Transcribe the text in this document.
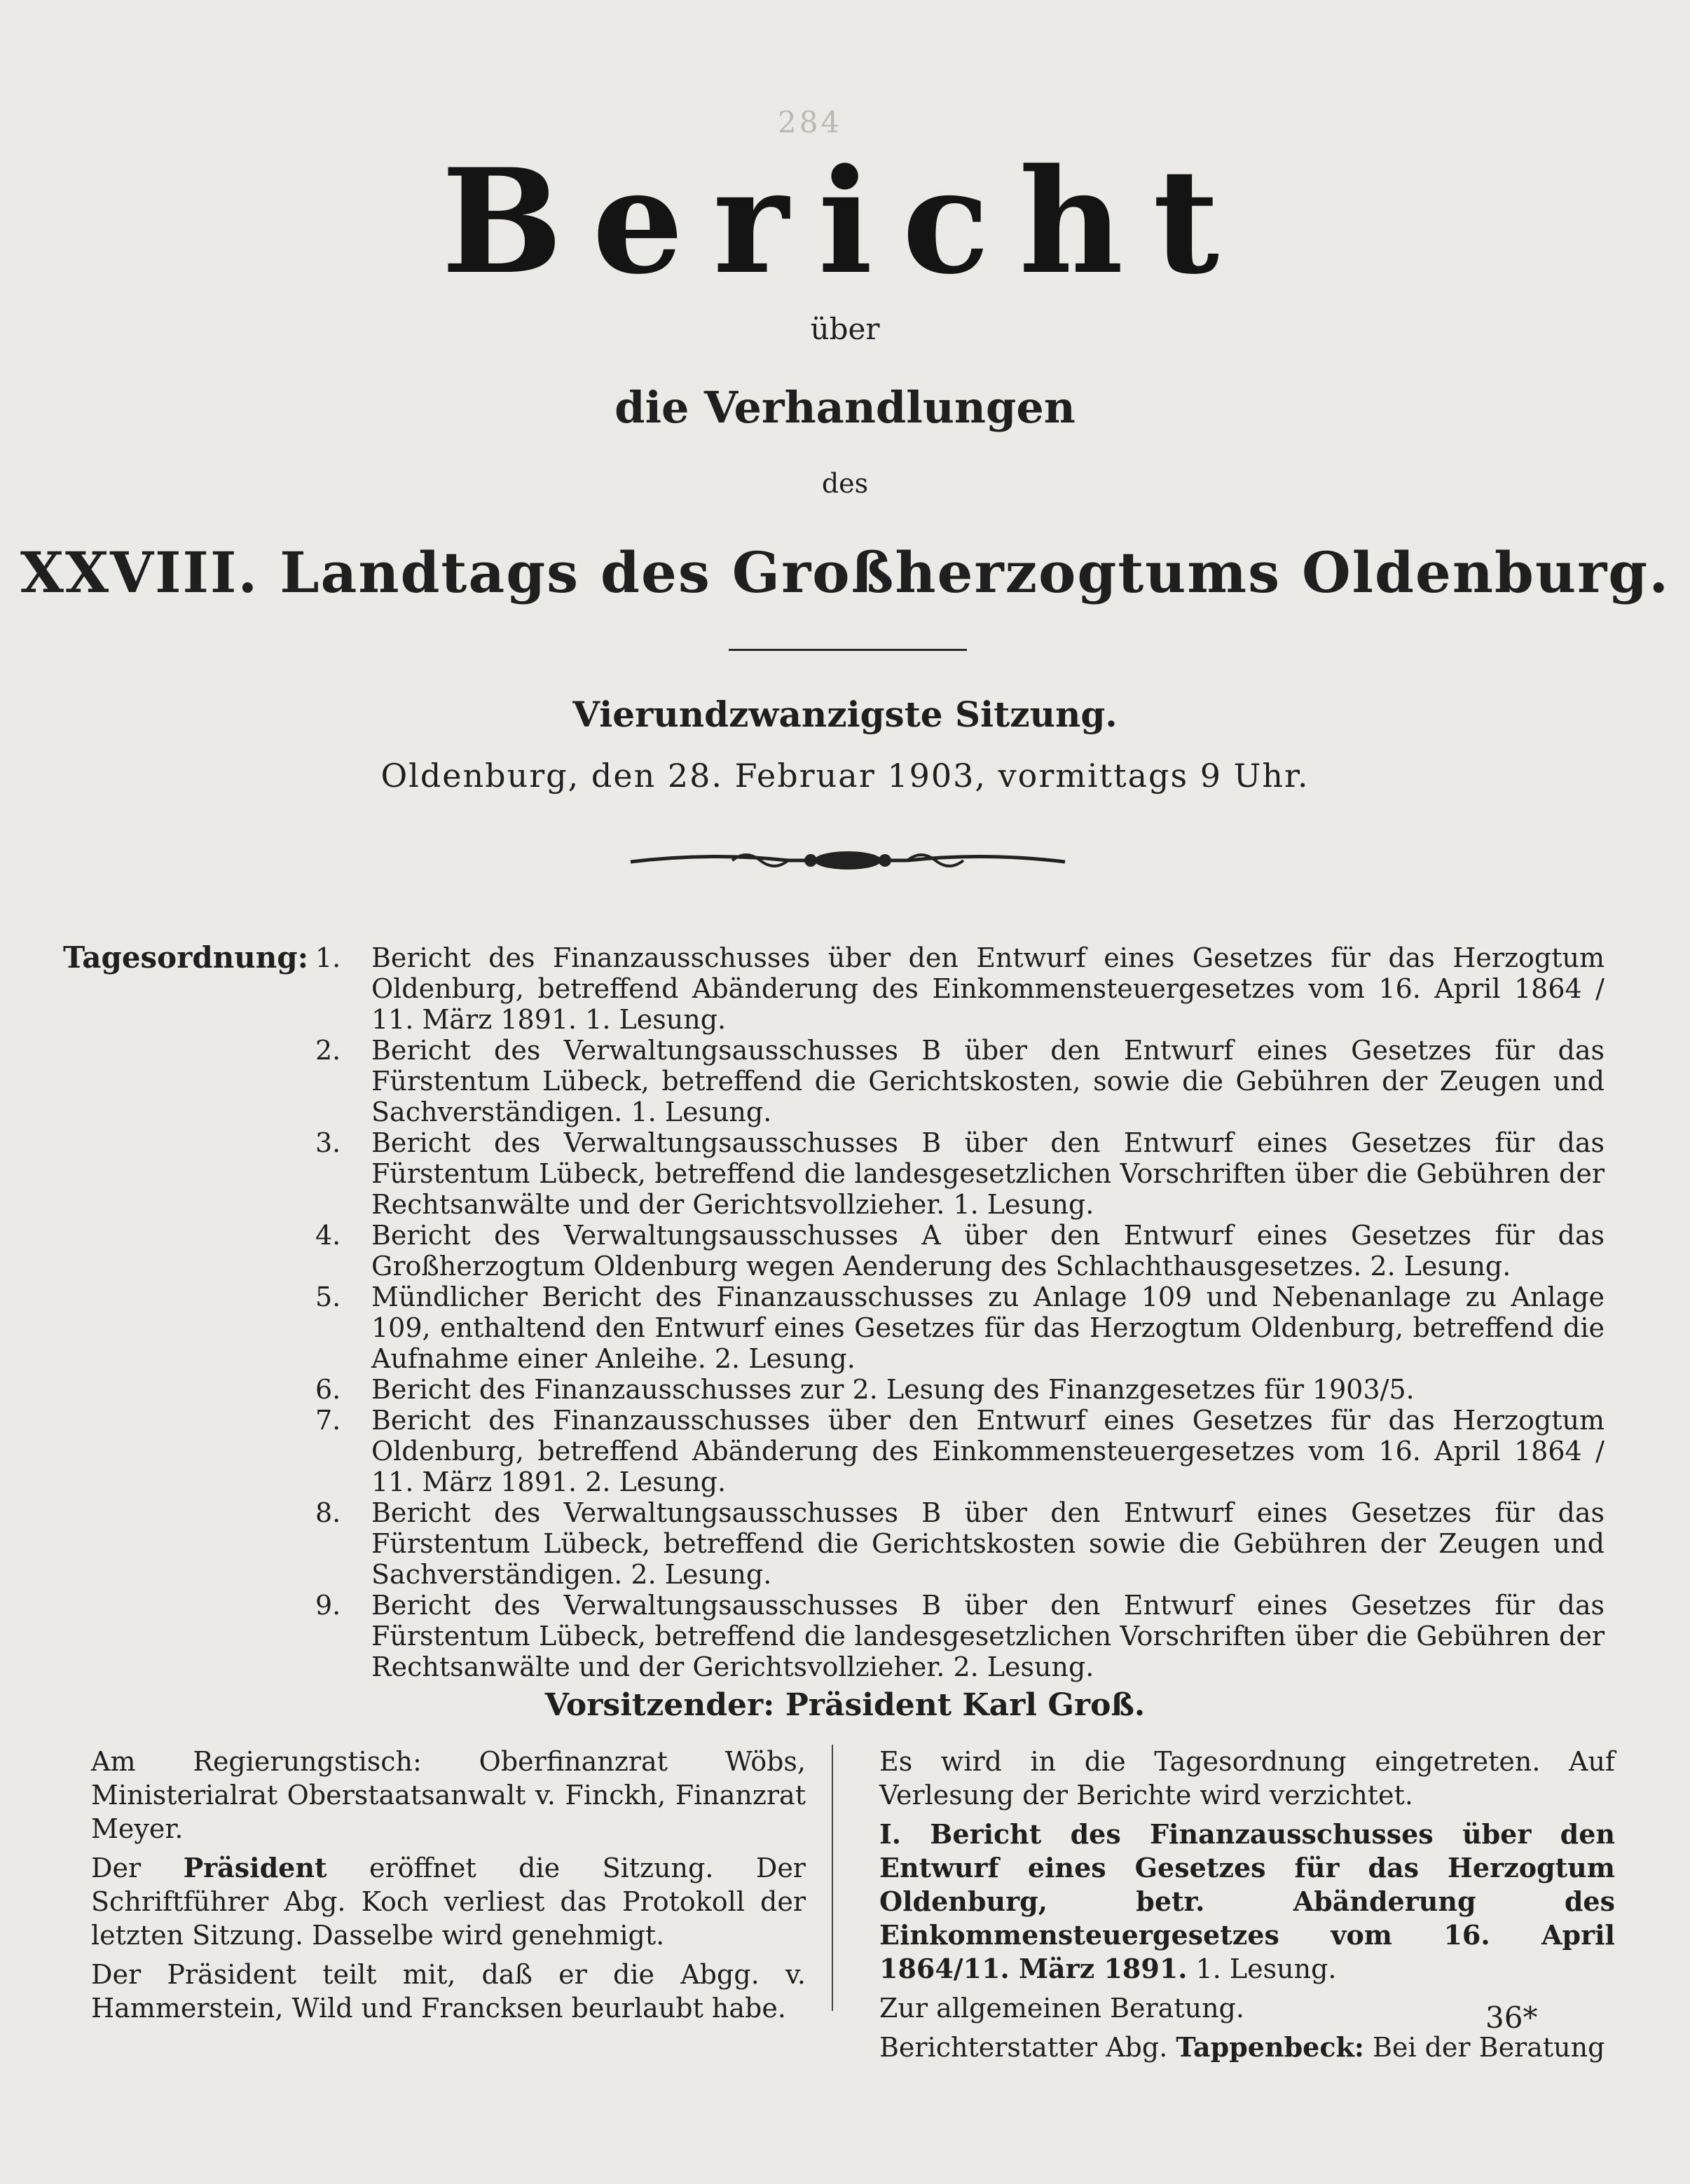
284
Bericht
über
die Verhandlungen
des
XXVIII. Landtags des Großherzogtums Oldenburg.
Vierundzwanzigste Sitzung.
Oldenburg, den 28. Februar 1903, vormittags 9 Uhr.
Tagesordnung: 1.	Bericht des Finanzausschusses über den Entwurf eines Gesetzes für das Herzogtum Oldenburg, betreffend Abänderung des Einkommensteuergesetzes vom 16. April 1864 / 11. März 1891. 1. Lesung.
2.	Bericht des Verwaltungsausschusses B über den Entwurf eines Gesetzes für das Fürstentum Lübeck, betreffend die Gerichtskosten, sowie die Gebühren der Zeugen und Sachverständigen. 1. Lesung.
3.	Bericht des Verwaltungsausschusses B über den Entwurf eines Gesetzes für das Fürstentum Lübeck, betreffend die landesgesetzlichen Vorschriften über die Gebühren der Rechtsanwälte und der Gerichtsvollzieher. 1. Lesung.
4.	Bericht des Verwaltungsausschusses A über den Entwurf eines Gesetzes für das Großherzogtum Oldenburg wegen Aenderung des Schlachthausgesetzes. 2. Lesung.
5.	Mündlicher Bericht des Finanzausschusses zu Anlage 109 und Nebenanlage zu Anlage 109, enthaltend den Entwurf eines Gesetzes für das Herzogtum Oldenburg, betreffend die Aufnahme einer Anleihe. 2. Lesung.
6.	Bericht des Finanzausschusses zur 2. Lesung des Finanzgesetzes für 1903/5.
7.	Bericht des Finanzausschusses über den Entwurf eines Gesetzes für das Herzogtum Oldenburg, betreffend Abänderung des Einkommensteuergesetzes vom 16. April 1864 / 11. März 1891. 2. Lesung.
8.	Bericht des Verwaltungsausschusses B über den Entwurf eines Gesetzes für das Fürstentum Lübeck, betreffend die Gerichtskosten sowie die Gebühren der Zeugen und Sachverständigen. 2. Lesung.
9.	Bericht des Verwaltungsausschusses B über den Entwurf eines Gesetzes für das Fürstentum Lübeck, betreffend die landesgesetzlichen Vorschriften über die Gebühren der Rechtsanwälte und der Gerichtsvollzieher. 2. Lesung.
Vorsitzender: Präsident Karl Groß.

Am Regierungstisch: Oberfinanzrat Wöbs, Ministerialrat Oberstaatsanwalt v. Finckh, Finanzrat Meyer.

Der Präsident eröffnet die Sitzung. Der Schriftführer Abg. Koch verliest das Protokoll der letzten Sitzung. Dasselbe wird genehmigt.

Der Präsident teilt mit, daß er die Abgg. v. Hammerstein, Wild und Francksen beurlaubt habe.

Es wird in die Tagesordnung eingetreten. Auf Verlesung der Berichte wird verzichtet.

I. Bericht des Finanzausschusses über den Entwurf eines Gesetzes für das Herzogtum Oldenburg, betr. Abänderung des Einkommensteuergesetzes vom 16. April 1864/11. März 1891. 1. Lesung.

Zur allgemeinen Beratung.

Berichterstatter Abg. Tappenbeck: Bei der Beratung

36*
